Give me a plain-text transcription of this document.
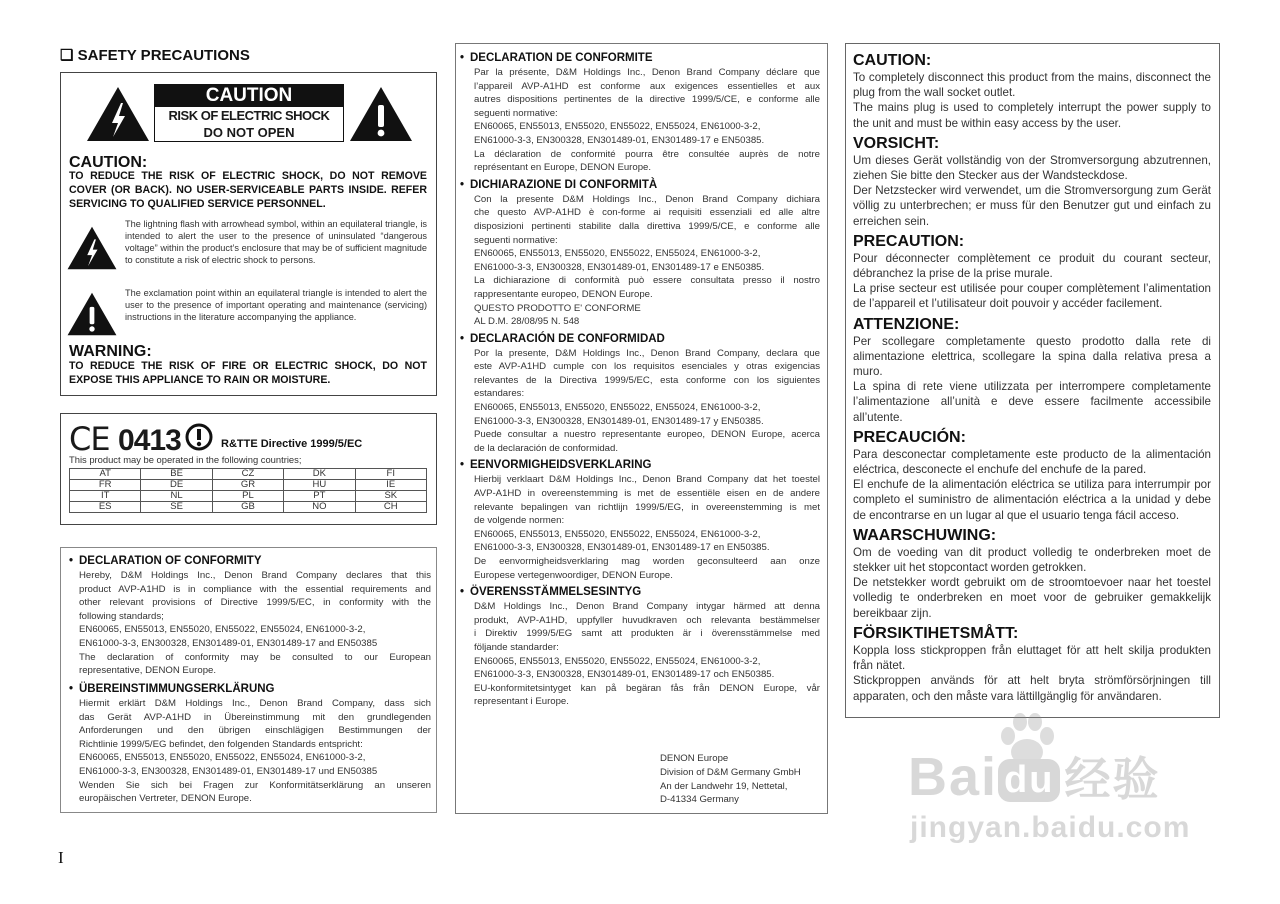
❑ SAFETY PRECAUTIONS
CAUTION
RISK OF ELECTRIC SHOCK
DO NOT OPEN
CAUTION:
TO REDUCE THE RISK OF ELECTRIC SHOCK, DO NOT REMOVE COVER (OR BACK). NO USER-SERVICEABLE PARTS INSIDE. REFER SERVICING TO QUALIFIED SERVICE PERSONNEL.
The lightning flash with arrowhead symbol, within an equilateral triangle, is intended to alert the user to the presence of uninsulated “dangerous voltage” within the product’s enclosure that may be of sufficient magnitude to constitute a risk of electric shock to persons.
The exclamation point within an equilateral triangle is intended to alert the user to the presence of important operating and maintenance (servicing) instructions in the literature accompanying the appliance.
WARNING:
TO REDUCE THE RISK OF FIRE OR ELECTRIC SHOCK, DO NOT EXPOSE THIS APPLIANCE TO RAIN OR MOISTURE.
CE 0413	R&TTE Directive 1999/5/EC
This product may be operated in the following countries;
AT	BE	CZ	DK	FI
FR	DE	GR	HU	IE
IT	NL	PL	PT	SK
ES	SE	GB	NO	CH
• DECLARATION OF CONFORMITY
Hereby, D&M Holdings Inc., Denon Brand Company declares that this
product AVP-A1HD is in compliance with the essential requirements and
other relevant provisions of Directive 1999/5/EC, in conformity with the
following standards;
EN60065, EN55013, EN55020, EN55022, EN55024, EN61000-3-2,
EN61000-3-3, EN300328, EN301489-01, EN301489-17 and EN50385
The declaration of conformity may be consulted to our European
representative, DENON Europe.
• ÜBEREINSTIMMUNGSERKLÄRUNG
Hiermit erklärt D&M Holdings Inc., Denon Brand Company, dass sich
das Gerät AVP-A1HD in Übereinstimmung mit den grundlegenden
Anforderungen und den übrigen einschlägigen Bestimmungen der
Richtlinie 1999/5/EG befindet, den folgenden Standards entspricht:
EN60065, EN55013, EN55020, EN55022, EN55024, EN61000-3-2,
EN61000-3-3, EN300328, EN301489-01, EN301489-17 und EN50385
Wenden Sie sich bei Fragen zur Konformitätserklärung an unseren
europäischen Vertreter, DENON Europe.
I
• DECLARATION DE CONFORMITE
Par la présente, D&M Holdings Inc., Denon Brand Company déclare que
l’appareil AVP-A1HD est conforme aux exigences essentielles et aux
autres dispositions pertinentes de la directive 1999/5/CE, e conforme alle
seguenti normative:
EN60065, EN55013, EN55020, EN55022, EN55024, EN61000-3-2,
EN61000-3-3, EN300328, EN301489-01, EN301489-17 e EN50385.
La déclaration de conformité pourra être consultée auprès de notre
représentant en Europe, DENON Europe.
• DICHIARAZIONE DI CONFORMITÀ
Con la presente D&M Holdings Inc., Denon Brand Company dichiara
che questo AVP-A1HD è con-forme ai requisiti essenziali ed alle altre
disposizioni pertinenti stabilite dalla direttiva 1999/5/CE, e conforme alle
seguenti normative:
EN60065, EN55013, EN55020, EN55022, EN55024, EN61000-3-2,
EN61000-3-3, EN300328, EN301489-01, EN301489-17 e EN50385.
La dichiarazione di conformità può essere consultata presso il nostro
rappresentante europeo, DENON Europe.
QUESTO PRODOTTO E' CONFORME
AL D.M. 28/08/95 N. 548
• DECLARACIÓN DE CONFORMIDAD
Por la presente, D&M Holdings Inc., Denon Brand Company, declara que
este AVP-A1HD cumple con los requisitos esenciales y otras exigencias
relevantes de la Directiva 1999/5/EC, esta conforme con los siguientes
estandares:
EN60065, EN55013, EN55020, EN55022, EN55024, EN61000-3-2,
EN61000-3-3, EN300328, EN301489-01, EN301489-17 y EN50385.
Puede consultar a nuestro representante europeo, DENON Europe, acerca
de la declaración de conformidad.
• EENVORMIGHEIDSVERKLARING
Hierbij verklaart D&M Holdings Inc., Denon Brand Company dat het toestel
AVP-A1HD in overeenstemming is met de essentiële eisen en de andere
relevante bepalingen van richtlijn 1999/5/EG, in overeenstemming is met
de volgende normen:
EN60065, EN55013, EN55020, EN55022, EN55024, EN61000-3-2,
EN61000-3-3, EN300328, EN301489-01, EN301489-17 en EN50385.
De eenvormigheidsverklaring mag worden geconsulteerd aan onze
Europese vertegenwoordiger, DENON Europe.
• ÖVERENSSTÄMMELSESINTYG
D&M Holdings Inc., Denon Brand Company intygar härmed att denna
produkt, AVP-A1HD, uppfyller huvudkraven och relevanta bestämmelser
i Direktiv 1999/5/EG samt att produkten är i överensstämmelse med
följande standarder:
EN60065, EN55013, EN55020, EN55022, EN55024, EN61000-3-2,
EN61000-3-3, EN300328, EN301489-01, EN301489-17 och EN50385.
EU-konformitetsintyget kan på begäran fås från DENON Europe, vår
representant i Europe.
DENON Europe
Division of D&M Germany GmbH
An der Landwehr 19, Nettetal,
D-41334 Germany
CAUTION:
To completely disconnect this product from the mains, disconnect the plug from the wall socket outlet.
The mains plug is used to completely interrupt the power supply to the unit and must be within easy access by the user.
VORSICHT:
Um dieses Gerät vollständig von der Stromversorgung abzutrennen, ziehen Sie bitte den Stecker aus der Wandsteckdose.
Der Netzstecker wird verwendet, um die Stromversorgung zum Gerät völlig zu unterbrechen; er muss für den Benutzer gut und einfach zu erreichen sein.
PRECAUTION:
Pour déconnecter complètement ce produit du courant secteur, débranchez la prise de la prise murale.
La prise secteur est utilisée pour couper complètement l’alimentation de l’appareil et l’utilisateur doit pouvoir y accéder facilement.
ATTENZIONE:
Per scollegare completamente questo prodotto dalla rete di alimentazione elettrica, scollegare la spina dalla relativa presa a muro.
La spina di rete viene utilizzata per interrompere completamente l’alimentazione all’unità e deve essere facilmente accessibile all’utente.
PRECAUCIÓN:
Para desconectar completamente este producto de la alimentación eléctrica, desconecte el enchufe del enchufe de la pared.
El enchufe de la alimentación eléctrica se utiliza para interrumpir por completo el suministro de alimentación eléctrica a la unidad y debe de encontrarse en un lugar al que el usuario tenga fácil acceso.
WAARSCHUWING:
Om de voeding van dit product volledig te onderbreken moet de stekker uit het stopcontact worden getrokken.
De netstekker wordt gebruikt om de stroomtoevoer naar het toestel volledig te onderbreken en moet voor de gebruiker gemakkelijk bereikbaar zijn.
FÖRSIKTIHETSMÅTT:
Koppla loss stickproppen från eluttaget för att helt skilja produkten från nätet.
Stickproppen används för att helt bryta strömförsörjningen till apparaten, och den måste vara lättillgänglig för användaren.
Bai du 经验
jingyan.baidu.com
